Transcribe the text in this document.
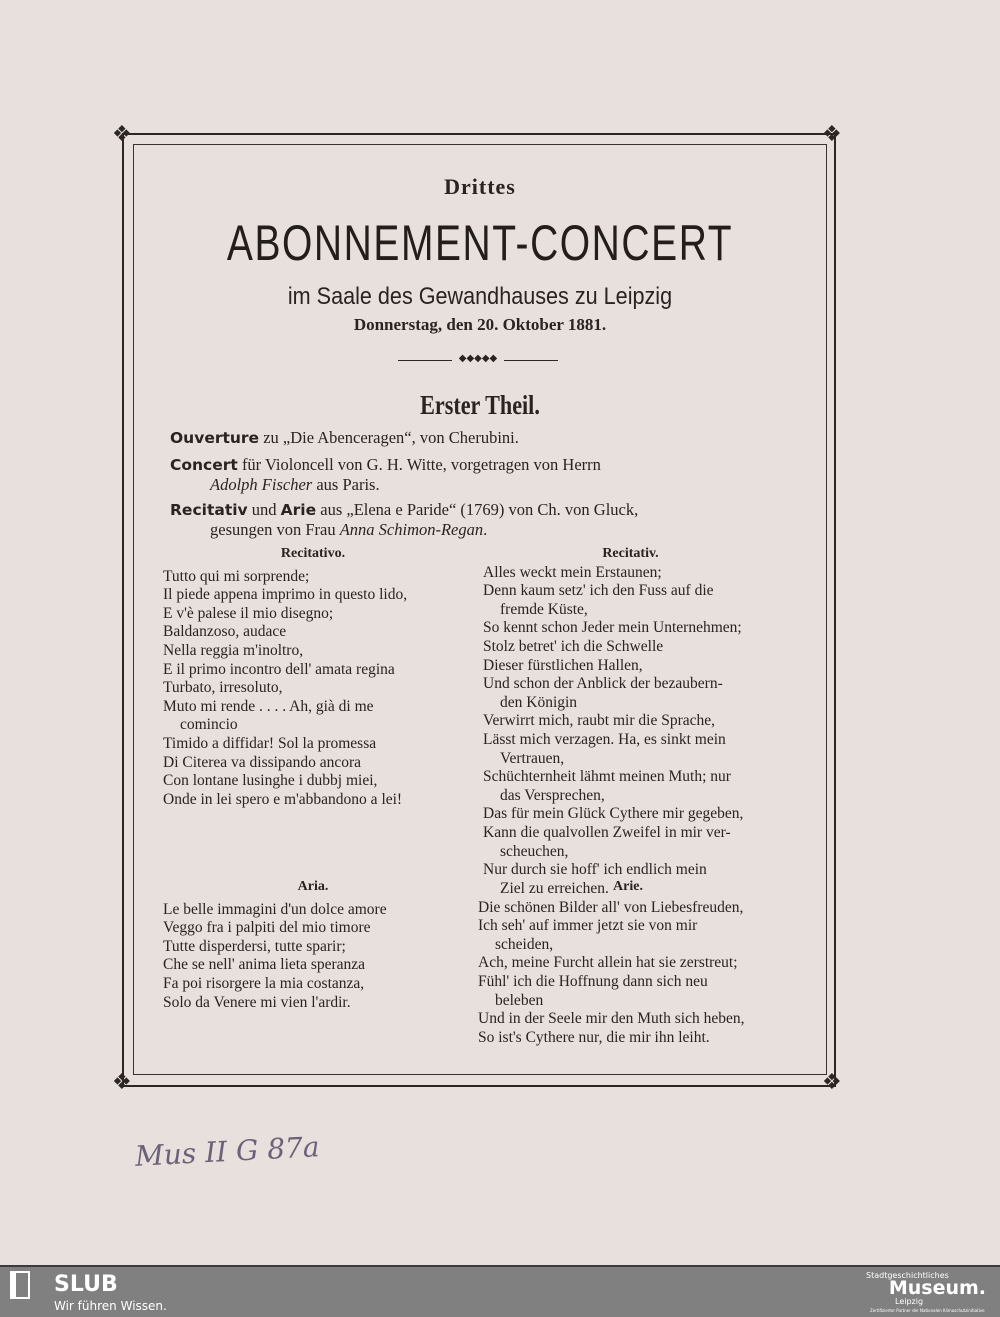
❖	❖
❖	❖
Drittes
ABONNEMENT-CONCERT
im Saale des Gewandhauses zu Leipzig
Donnerstag, den 20. Oktober 1881.
◆◆◆◆◆
Erster Theil.
Ouverture zu „Die Abenceragen“, von Cherubini.
Concert für Violoncell von G. H. Witte, vorgetragen von Herrn
Adolph Fischer aus Paris.
Recitativ und Arie aus „Elena e Paride“ (1769) von Ch. von Gluck,
gesungen von Frau Anna Schimon-Regan.
Recitativo.
Tutto qui mi sorprende;
Il piede appena imprimo in questo lido,
E v'è palese il mio disegno;
Baldanzoso, audace
Nella reggia m'inoltro,
E il primo incontro dell' amata regina
Turbato, irresoluto,
Muto mi rende . . . . Ah, già di me
comincio
Timido a diffidar! Sol la promessa
Di Citerea va dissipando ancora
Con lontane lusinghe i dubbj miei,
Onde in lei spero e m'abbandono a lei!
Recitativ.
Alles weckt mein Erstaunen;
Denn kaum setz' ich den Fuss auf die
fremde Küste,
So kennt schon Jeder mein Unternehmen;
Stolz betret' ich die Schwelle
Dieser fürstlichen Hallen,
Und schon der Anblick der bezaubern-
den Königin
Verwirrt mich, raubt mir die Sprache,
Lässt mich verzagen. Ha, es sinkt mein
Vertrauen,
Schüchternheit lähmt meinen Muth; nur
das Versprechen,
Das für mein Glück Cythere mir gegeben,
Kann die qualvollen Zweifel in mir ver-
scheuchen,
Nur durch sie hoff' ich endlich mein
Ziel zu erreichen.
Aria.
Le belle immagini d'un dolce amore
Veggo fra i palpiti del mio timore
Tutte disperdersi, tutte sparir;
Che se nell' anima lieta speranza
Fa poi risorgere la mia costanza,
Solo da Venere mi vien l'ardir.
Arie.
Die schönen Bilder all' von Liebesfreuden,
Ich seh' auf immer jetzt sie von mir
scheiden,
Ach, meine Furcht allein hat sie zerstreut;
Fühl' ich die Hoffnung dann sich neu
beleben
Und in der Seele mir den Muth sich heben,
So ist's Cythere nur, die mir ihn leiht.
Mus II G 87a
SLUB
Wir führen Wissen.
Stadtgeschichtliches
Museum.
Leipzig
Zertifizierter Partner der Nationalen Klimaschutzinitiative
